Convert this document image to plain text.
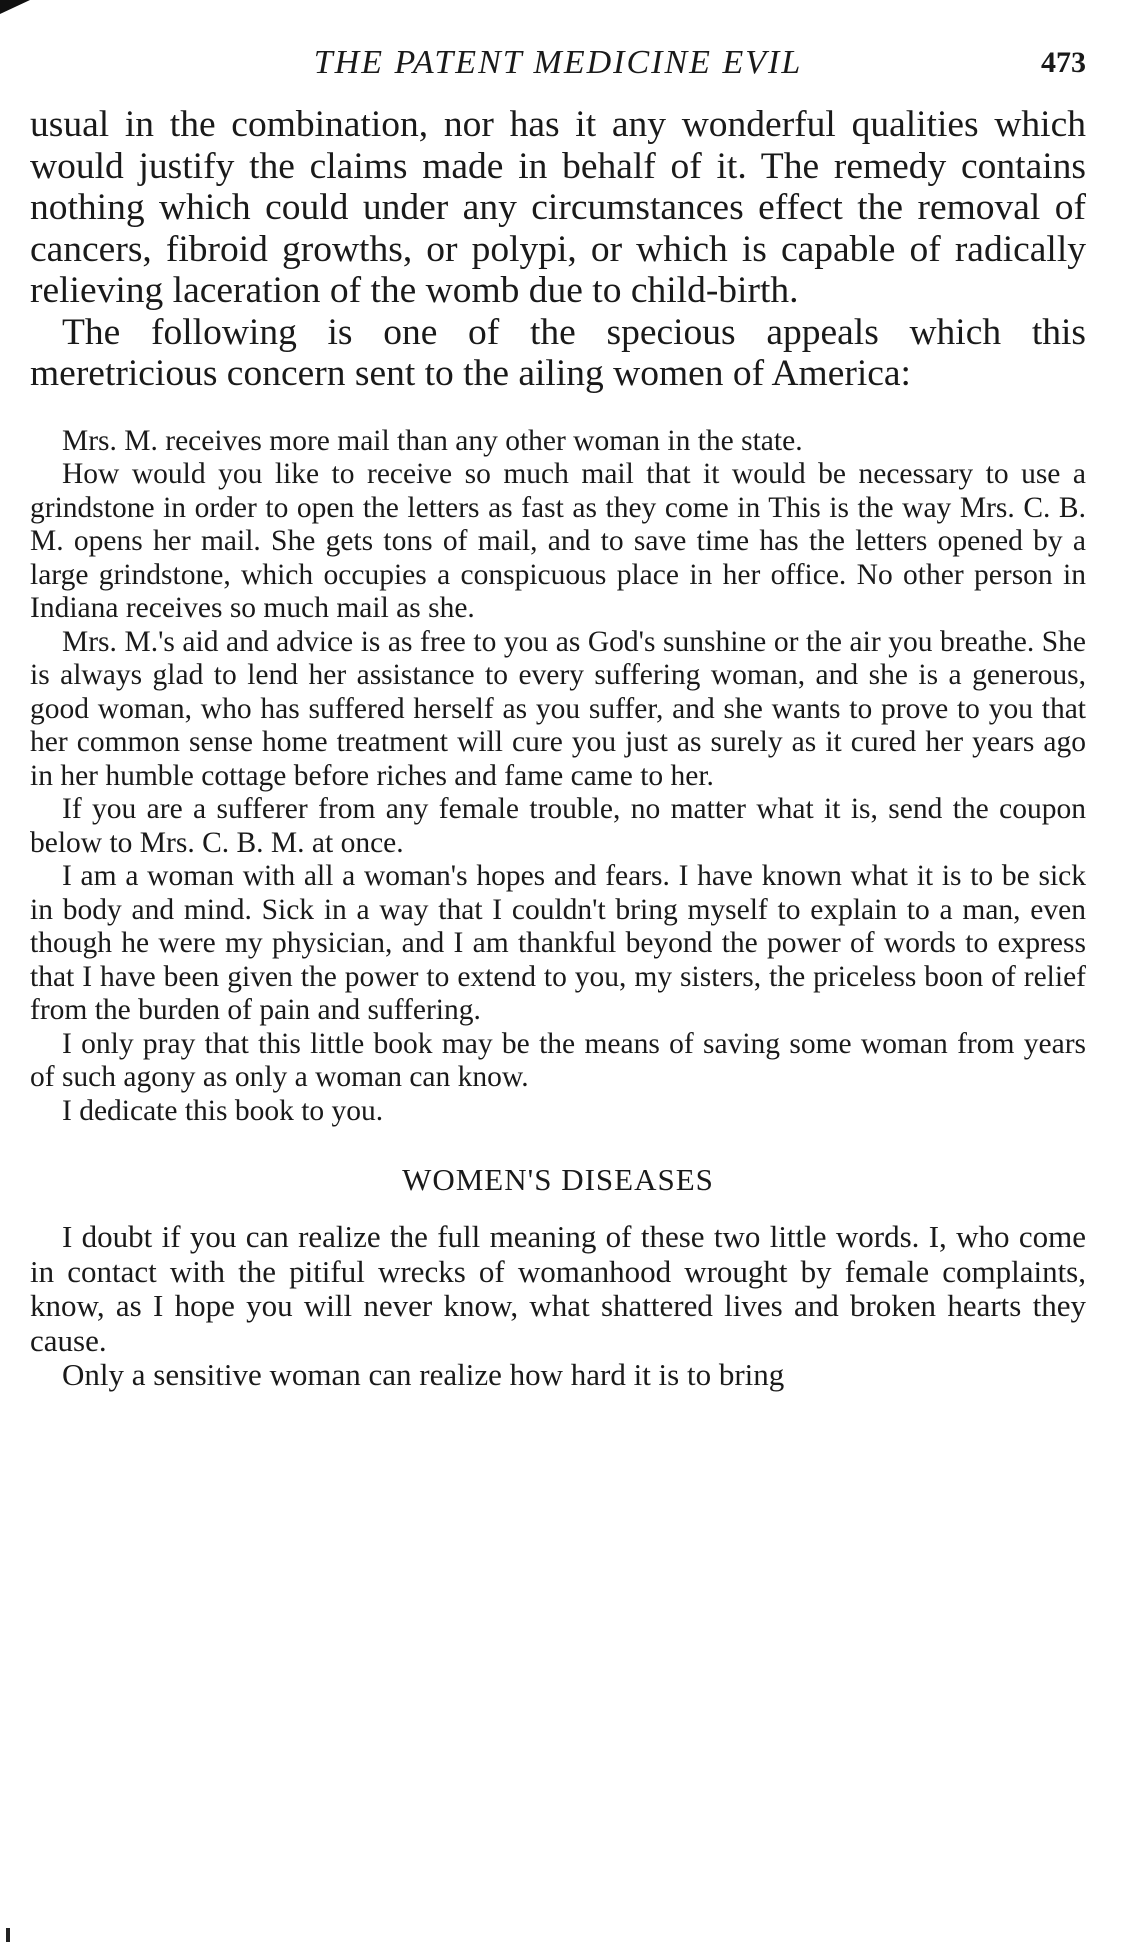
THE PATENT MEDICINE EVIL	473

usual in the combination, nor has it any wonderful qualities which would justify the claims made in behalf of it. The remedy contains nothing which could under any circumstances effect the removal of cancers, fibroid growths, or polypi, or which is capable of radically relieving laceration of the womb due to child-birth.

The following is one of the specious appeals which this meretricious concern sent to the ailing women of America:

Mrs. M. receives more mail than any other woman in the state.

How would you like to receive so much mail that it would be necessary to use a grindstone in order to open the letters as fast as they come in This is the way Mrs. C. B. M. opens her mail. She gets tons of mail, and to save time has the letters opened by a large grindstone, which occupies a conspicuous place in her office. No other person in Indiana receives so much mail as she.

Mrs. M.'s aid and advice is as free to you as God's sunshine or the air you breathe. She is always glad to lend her assistance to every suffering woman, and she is a generous, good woman, who has suffered herself as you suffer, and she wants to prove to you that her common sense home treatment will cure you just as surely as it cured her years ago in her humble cottage before riches and fame came to her.

If you are a sufferer from any female trouble, no matter what it is, send the coupon below to Mrs. C. B. M. at once.

I am a woman with all a woman's hopes and fears. I have known what it is to be sick in body and mind. Sick in a way that I couldn't bring myself to explain to a man, even though he were my physician, and I am thankful beyond the power of words to express that I have been given the power to extend to you, my sisters, the priceless boon of relief from the burden of pain and suffering.

I only pray that this little book may be the means of saving some woman from years of such agony as only a woman can know.

I dedicate this book to you.

WOMEN'S DISEASES

I doubt if you can realize the full meaning of these two little words. I, who come in contact with the pitiful wrecks of womanhood wrought by female complaints, know, as I hope you will never know, what shattered lives and broken hearts they cause.

Only a sensitive woman can realize how hard it is to bring
